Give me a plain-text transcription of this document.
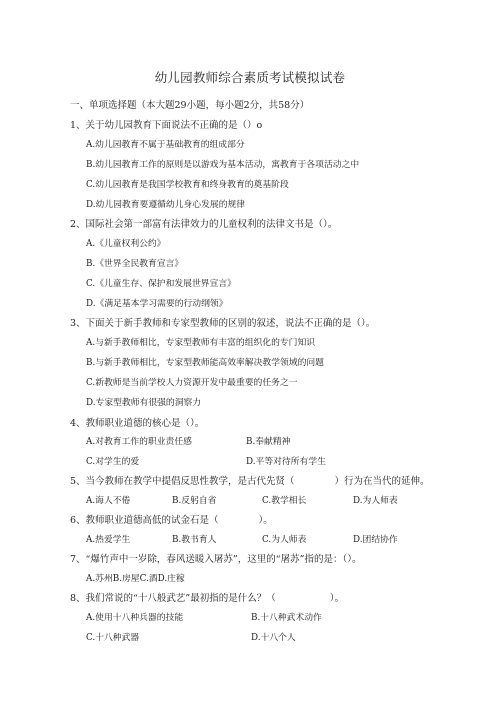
幼儿园教师综合素质考试模拟试卷
一、单项选择题（本大题29小题，每小题2分，共58分）
1、关于幼儿园教育下面说法不正确的是（）o
A.幼儿园教育不属于基础教育的组成部分
B.幼儿园教育工作的原则是以游戏为基本活动，寓教育于各项活动之中
C.幼儿园教育是我国学校教育和终身教育的奠基阶段
D.幼儿园教育要遵循幼儿身心发展的规律
2、国际社会第一部富有法律效力的儿童权利的法律文书是（）。
A.《儿童权利公约》
B.《世界全民教育宣言》
C.《儿童生存、保护和发展世界宣言》
D.《满足基本学习需要的行动纲领》
3、下面关于新手教师和专家型教师的区别的叙述，说法不正确的是（）。
A.与新手教师相比，专家型教师有丰富的组织化的专门知识
B.与新手教师相比，专家型教师能高效率解决教学领域的问题
C.新教师是当前学校人力资源开发中最重要的任务之一
D.专家型教师有很强的洞察力
4、教师职业道德的核心是（）。
A.对教育工作的职业责任感	B.奉献精神
C.对学生的爱	D.平等对待所有学生
5、当今教师在教学中提倡反思性教学，是古代先贤（	）行为在当代的延伸。
A.诲人不倦	B.反躬自省	C.教学相长	D.为人师表
6、教师职业道德高低的试金石是（	）。
A.热爱学生	B.教书育人	C.为人师表	D.团结协作
7、“爆竹声中一岁除，春风送暖入屠苏”，这里的“屠苏”指的是：（）。
A.苏州B.房屋C.酒D.庄稼
8、我们常说的“十八般武艺”最初指的是什么？（	）。
A.使用十八种兵器的技能	B.十八种武术动作
C.十八种武器	D.十八个人
